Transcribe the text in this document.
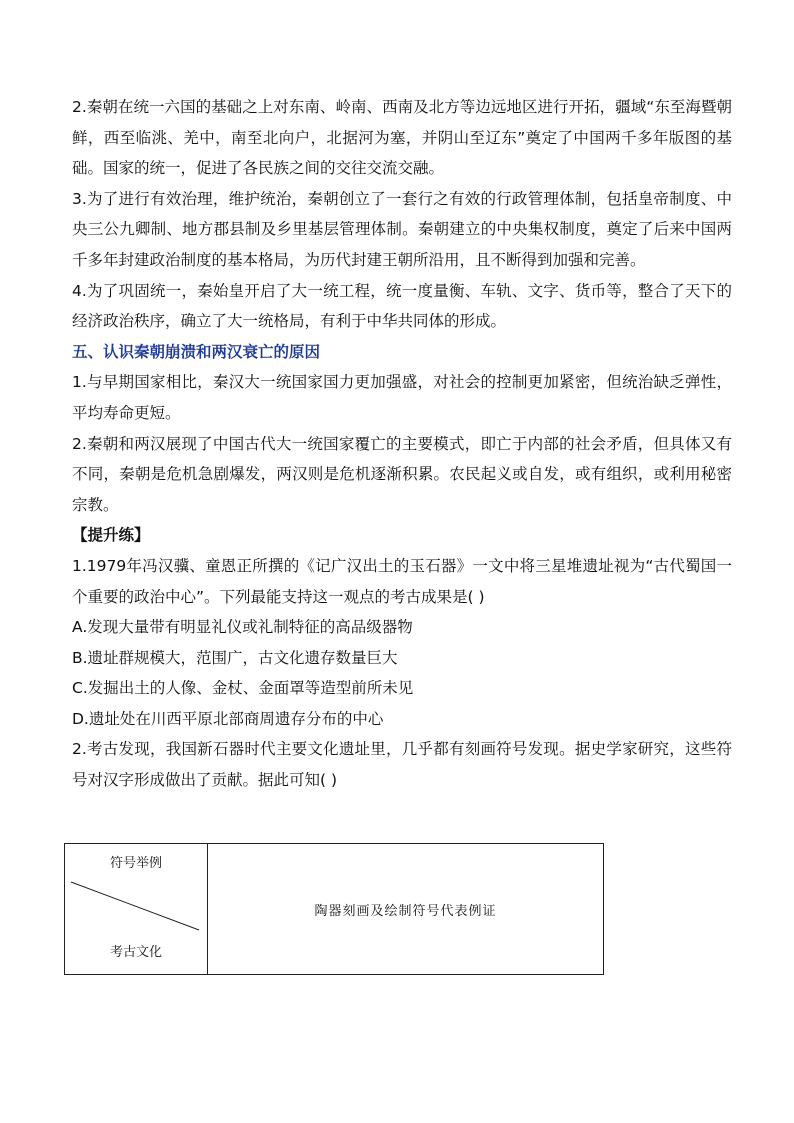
2.秦朝在统一六国的基础之上对东南、岭南、西南及北方等边远地区进行开拓，疆域“东至海暨朝鲜，西至临洮、羌中，南至北向户，北据河为塞，并阴山至辽东”奠定了中国两千多年版图的基础。国家的统一，促进了各民族之间的交往交流交融。

3.为了进行有效治理，维护统治，秦朝创立了一套行之有效的行政管理体制，包括皇帝制度、中央三公九卿制、地方郡县制及乡里基层管理体制。秦朝建立的中央集权制度，奠定了后来中国两千多年封建政治制度的基本格局，为历代封建王朝所沿用，且不断得到加强和完善。

4.为了巩固统一，秦始皇开启了大一统工程，统一度量衡、车轨、文字、货币等，整合了天下的经济政治秩序，确立了大一统格局，有利于中华共同体的形成。

五、认识秦朝崩溃和两汉衰亡的原因

1.与早期国家相比，秦汉大一统国家国力更加强盛，对社会的控制更加紧密，但统治缺乏弹性，平均寿命更短。

2.秦朝和两汉展现了中国古代大一统国家覆亡的主要模式，即亡于内部的社会矛盾，但具体又有不同，秦朝是危机急剧爆发，两汉则是危机逐渐积累。农民起义或自发，或有组织，或利用秘密宗教。

【提升练】

1.1979年冯汉骥、童恩正所撰的《记广汉出土的玉石器》一文中将三星堆遗址视为“古代蜀国一个重要的政治中心”。下列最能支持这一观点的考古成果是( )

A.发现大量带有明显礼仪或礼制特征的高品级器物

B.遗址群规模大，范围广，古文化遗存数量巨大

C.发掘出土的人像、金杖、金面罩等造型前所未见

D.遗址处在川西平原北部商周遗存分布的中心

2.考古发现，我国新石器时代主要文化遗址里，几乎都有刻画符号发现。据史学家研究，这些符号对汉字形成做出了贡献。据此可知( )

符号举例
考古文化
	陶器刻画及绘制符号代表例证
